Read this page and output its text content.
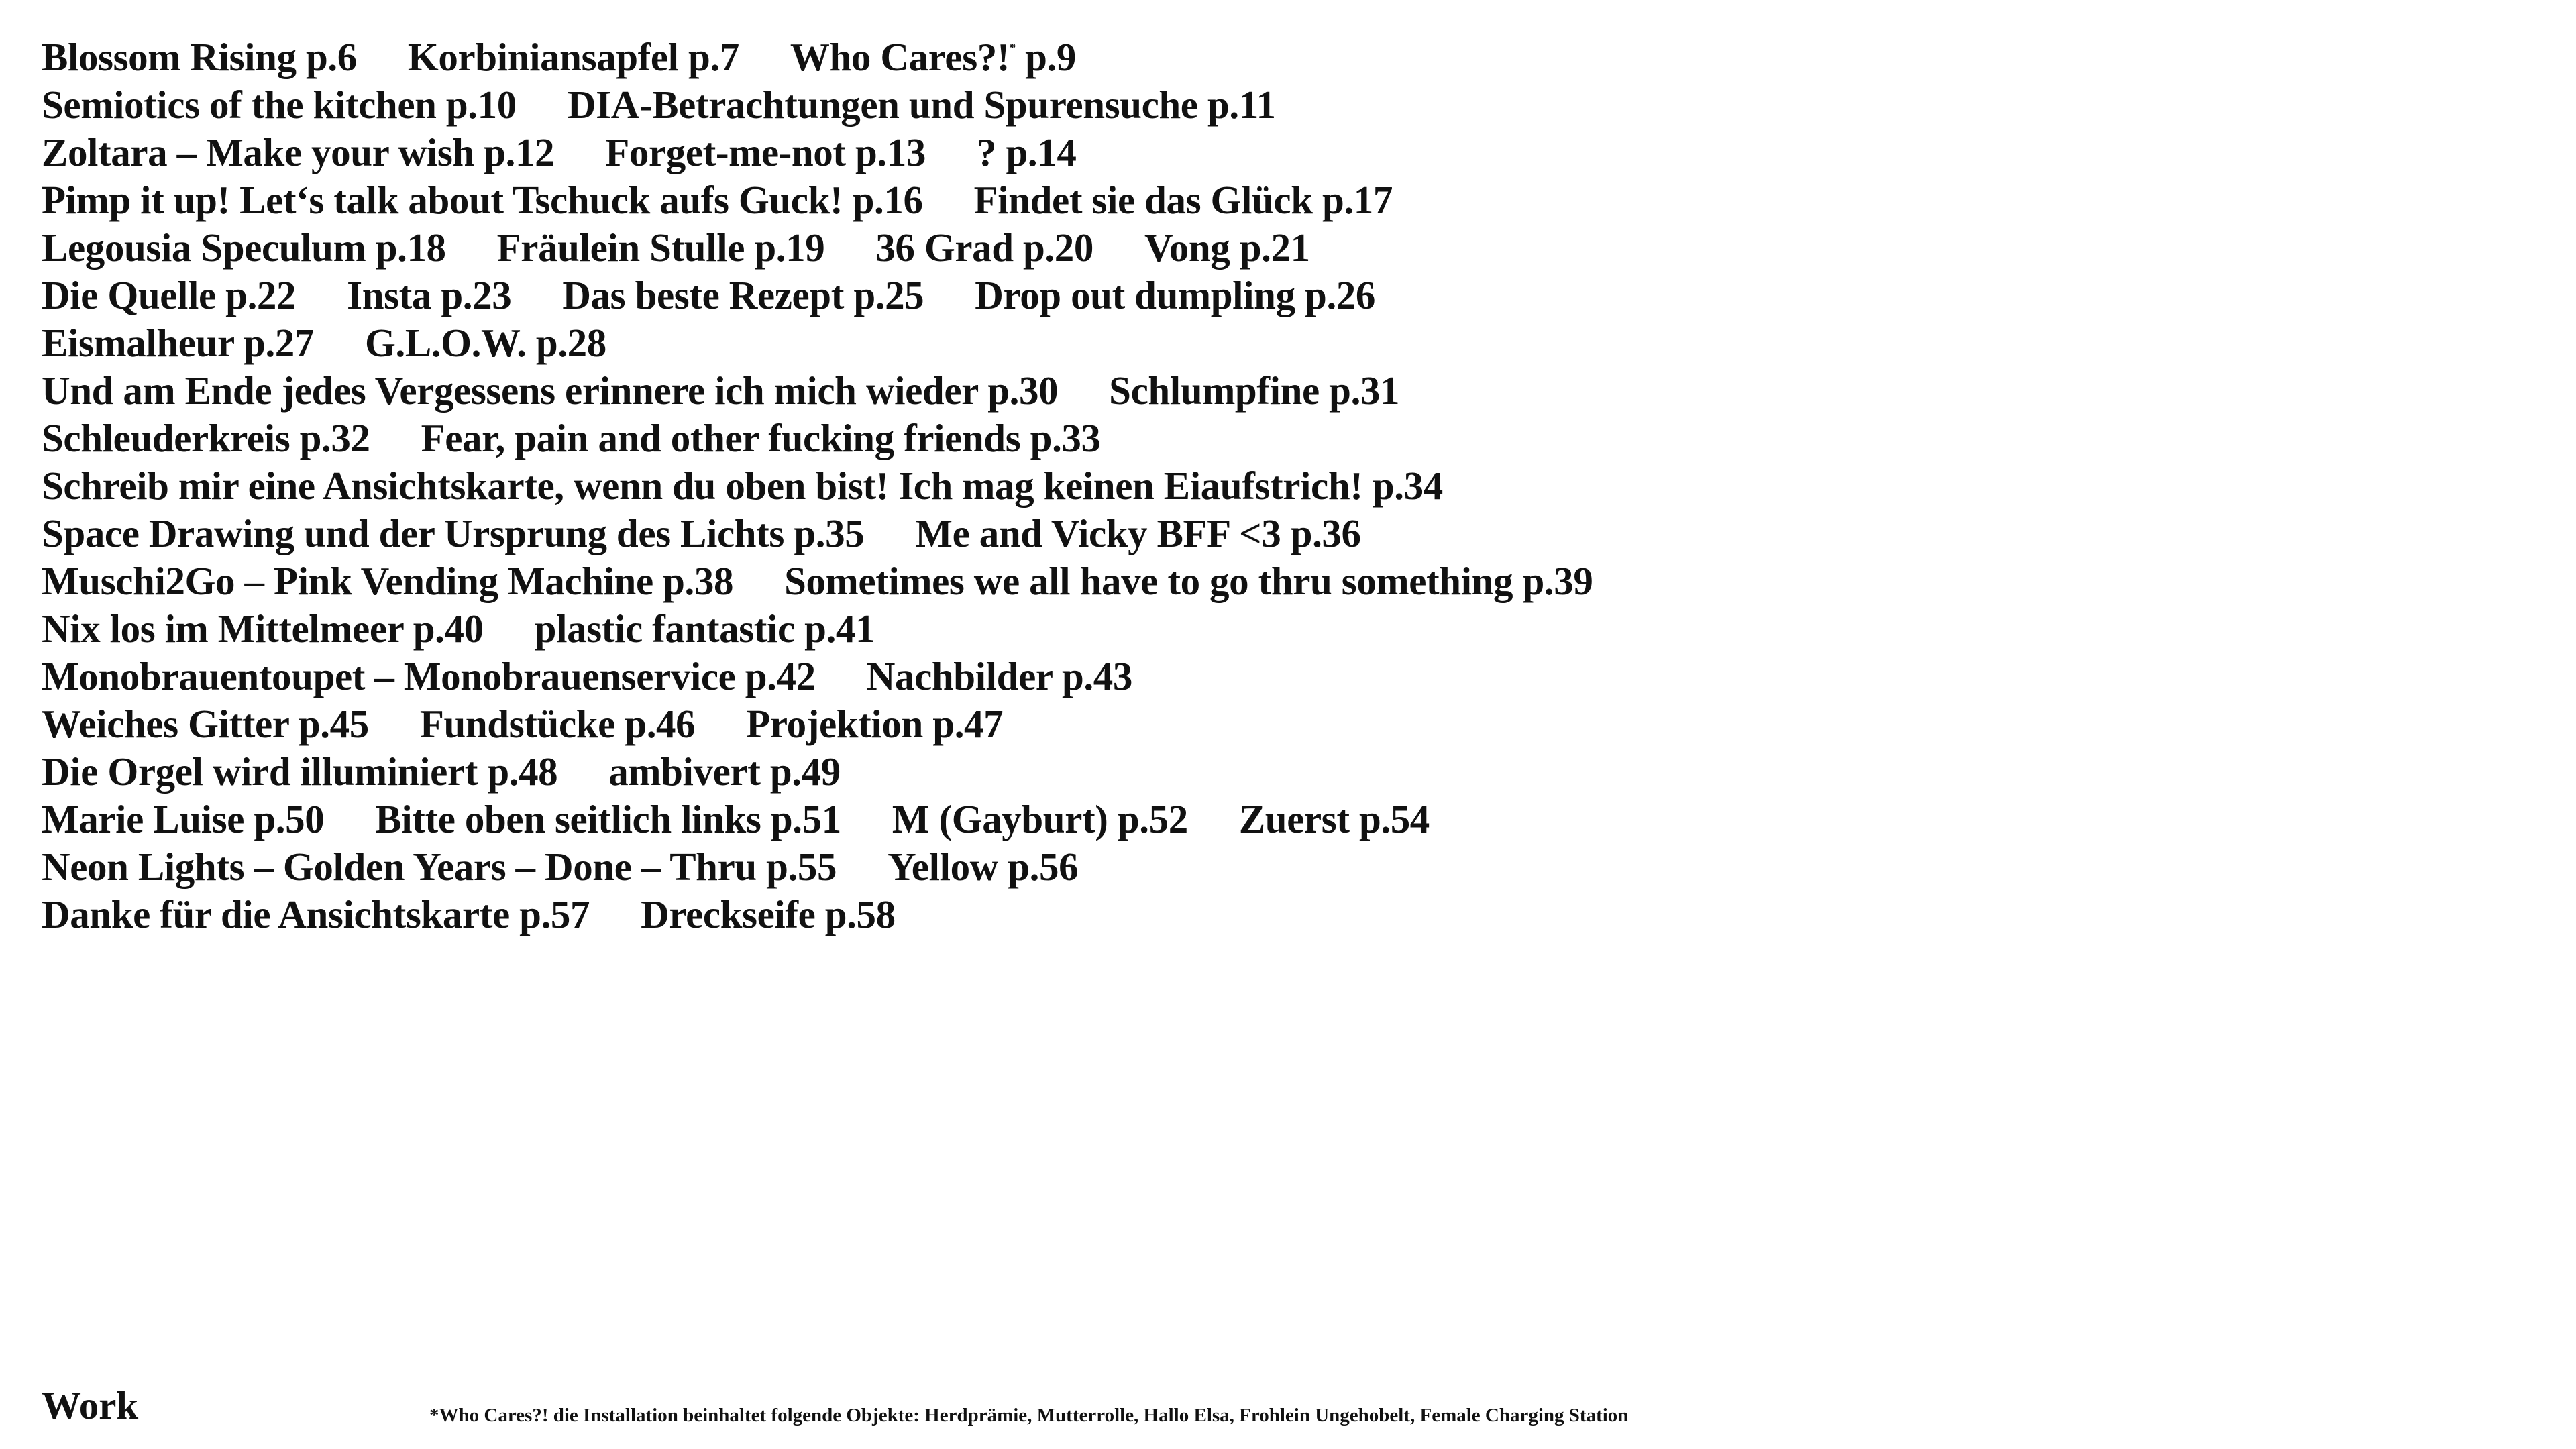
Blossom Rising p.6 Korbiniansapfel p.7 Who Cares?!* p.9
Semiotics of the kitchen p.10 DIA-Betrachtungen und Spurensuche p.11
Zoltara – Make your wish p.12 Forget-me-not p.13 ? p.14
Pimp it up! Let‘s talk about Tschuck aufs Guck! p.16 Findet sie das Glück p.17
Legousia Speculum p.18 Fräulein Stulle p.19 36 Grad p.20 Vong p.21
Die Quelle p.22 Insta p.23 Das beste Rezept p.25 Drop out dumpling p.26
Eismalheur p.27 G.L.O.W. p.28
Und am Ende jedes Vergessens erinnere ich mich wieder p.30 Schlumpfine p.31
Schleuderkreis p.32 Fear, pain and other fucking friends p.33
Schreib mir eine Ansichtskarte, wenn du oben bist! Ich mag keinen Eiaufstrich! p.34
Space Drawing und der Ursprung des Lichts p.35 Me and Vicky BFF <3 p.36
Muschi2Go – Pink Vending Machine p.38 Sometimes we all have to go thru something p.39
Nix los im Mittelmeer p.40 plastic fantastic p.41
Monobrauentoupet – Monobrauenservice p.42 Nachbilder p.43
Weiches Gitter p.45 Fundstücke p.46 Projektion p.47
Die Orgel wird illuminiert p.48 ambivert p.49
Marie Luise p.50 Bitte oben seitlich links p.51 M (Gayburt) p.52 Zuerst p.54
Neon Lights – Golden Years – Done – Thru p.55 Yellow p.56
Danke für die Ansichtskarte p.57 Dreckseife p.58
Work	*Who Cares?! die Installation beinhaltet folgende Objekte: Herdprämie, Mutterrolle, Hallo Elsa, Frohlein Ungehobelt, Female Charging Station
